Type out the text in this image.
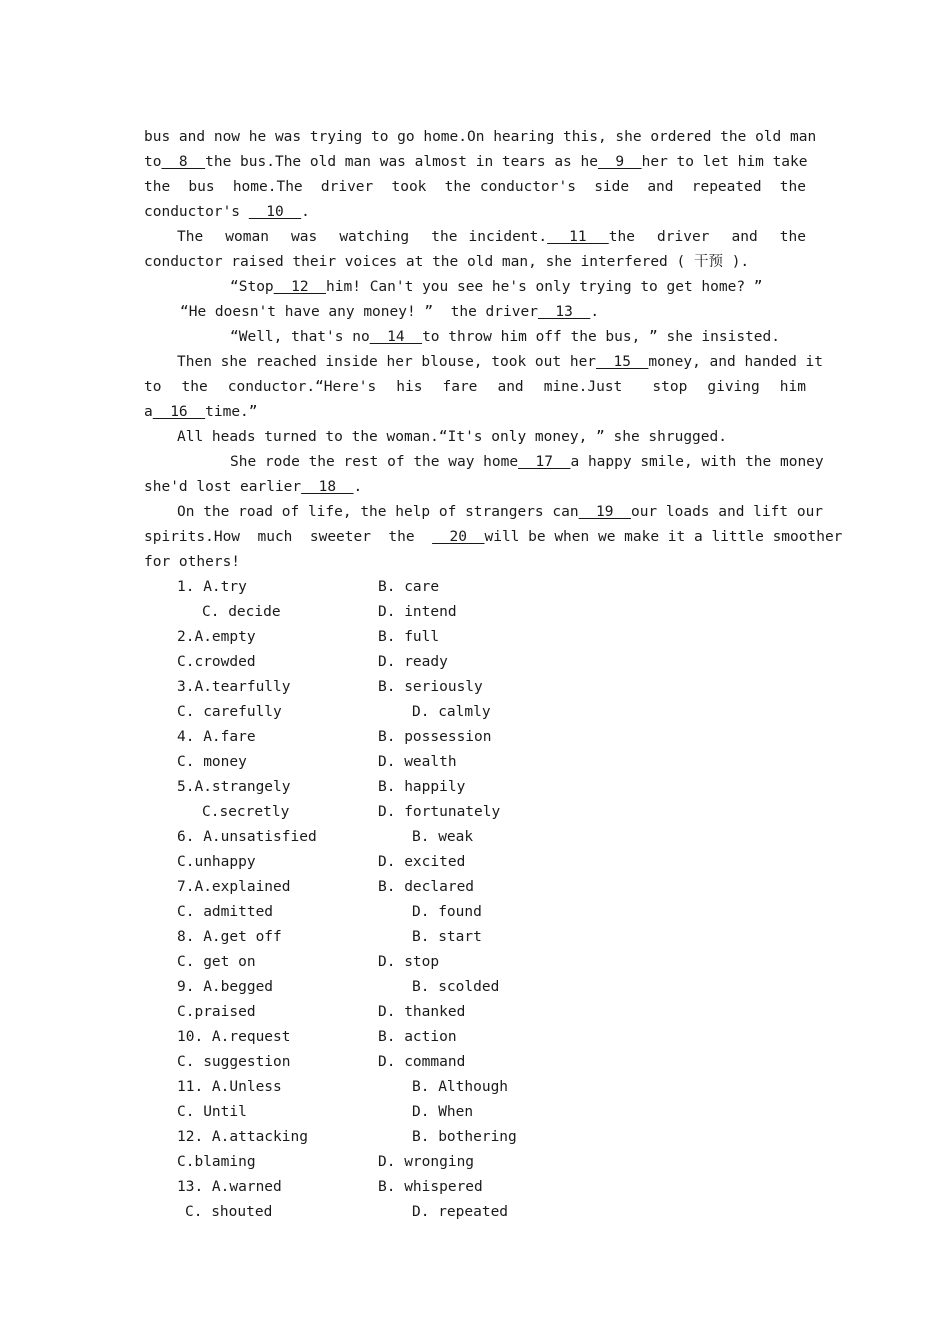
bus and now he was trying to go home.On hearing this, she ordered the old man
to  8  the bus.The old man was almost in tears as he  9  her to let him take
the  bus  home.The  driver  took  the conductor's  side  and  repeated  the
conductor's   10  .
The  woman  was  watching  the incident.  11  the  driver  and  the
conductor raised their voices at the old man, she interfered ( 干预 ).
“Stop  12  him! Can't you see he's only trying to get home? ”
“He doesn't have any money! ”  the driver  13  .
“Well, that's no  14  to throw him off the bus, ” she insisted.
Then she reached inside her blouse, took out her  15  money, and handed it
to  the  conductor.“Here's  his  fare  and  mine.Just   stop  giving  him
a  16  time.”
All heads turned to the woman.“It's only money, ” she shrugged.
She rode the rest of the way home  17  a happy smile, with the money
she'd lost earlier  18  .
On the road of life, the help of strangers can  19  our loads and lift our
spirits.How  much  sweeter  the    20  will be when we make it a little smoother
for others!
1. A.try	B. care
C. decide	D. intend
2.A.empty	B. full
C.crowded	D. ready
3.A.tearfully	B. seriously
C. carefully	D. calmly
4. A.fare	B. possession
C. money	D. wealth
5.A.strangely	B. happily
C.secretly	D. fortunately
6. A.unsatisfied	B. weak
C.unhappy	D. excited
7.A.explained	B. declared
C. admitted	D. found
8. A.get off	B. start
C. get on	D. stop
9. A.begged	B. scolded
C.praised	D. thanked
10. A.request	B. action
C. suggestion	D. command
11. A.Unless	B. Although
C. Until	D. When
12. A.attacking	B. bothering
C.blaming	D. wronging
13. A.warned	B. whispered
C. shouted	D. repeated
